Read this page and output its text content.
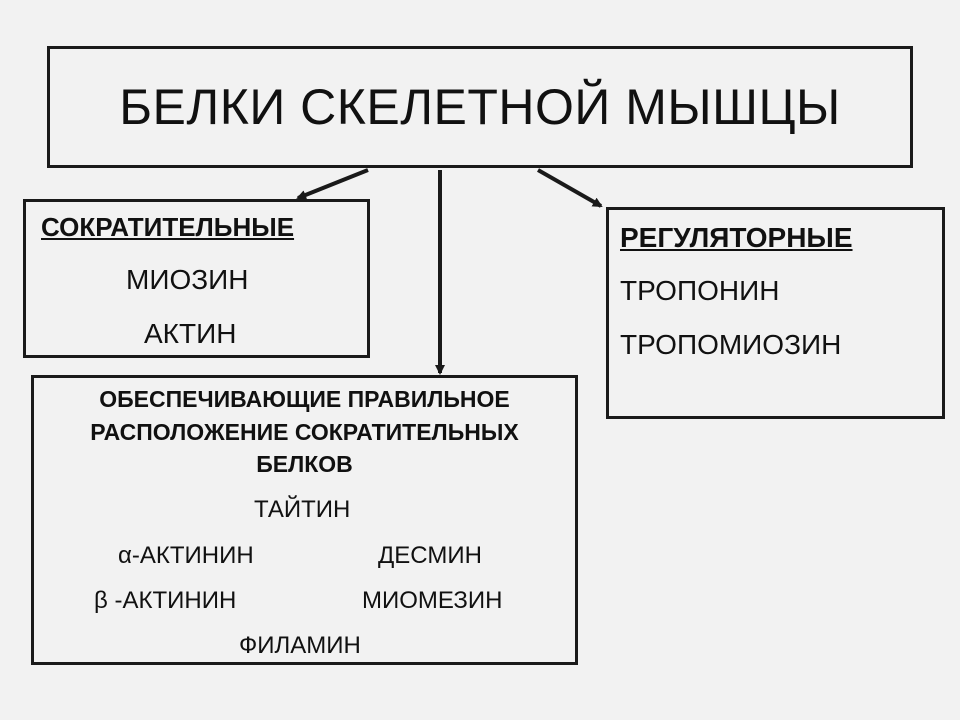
БЕЛКИ СКЕЛЕТНОЙ МЫШЦЫ
СОКРАТИТЕЛЬНЫЕ
МИОЗИН
АКТИН
РЕГУЛЯТОРНЫЕ
ТРОПОНИН
ТРОПОМИОЗИН
ОБЕСПЕЧИВАЮЩИЕ ПРАВИЛЬНОЕ
РАСПОЛОЖЕНИЕ СОКРАТИТЕЛЬНЫХ
БЕЛКОВ
ТАЙТИН
α-АКТИНИН	ДЕСМИН
β -АКТИНИН	МИОМЕЗИН
ФИЛАМИН
